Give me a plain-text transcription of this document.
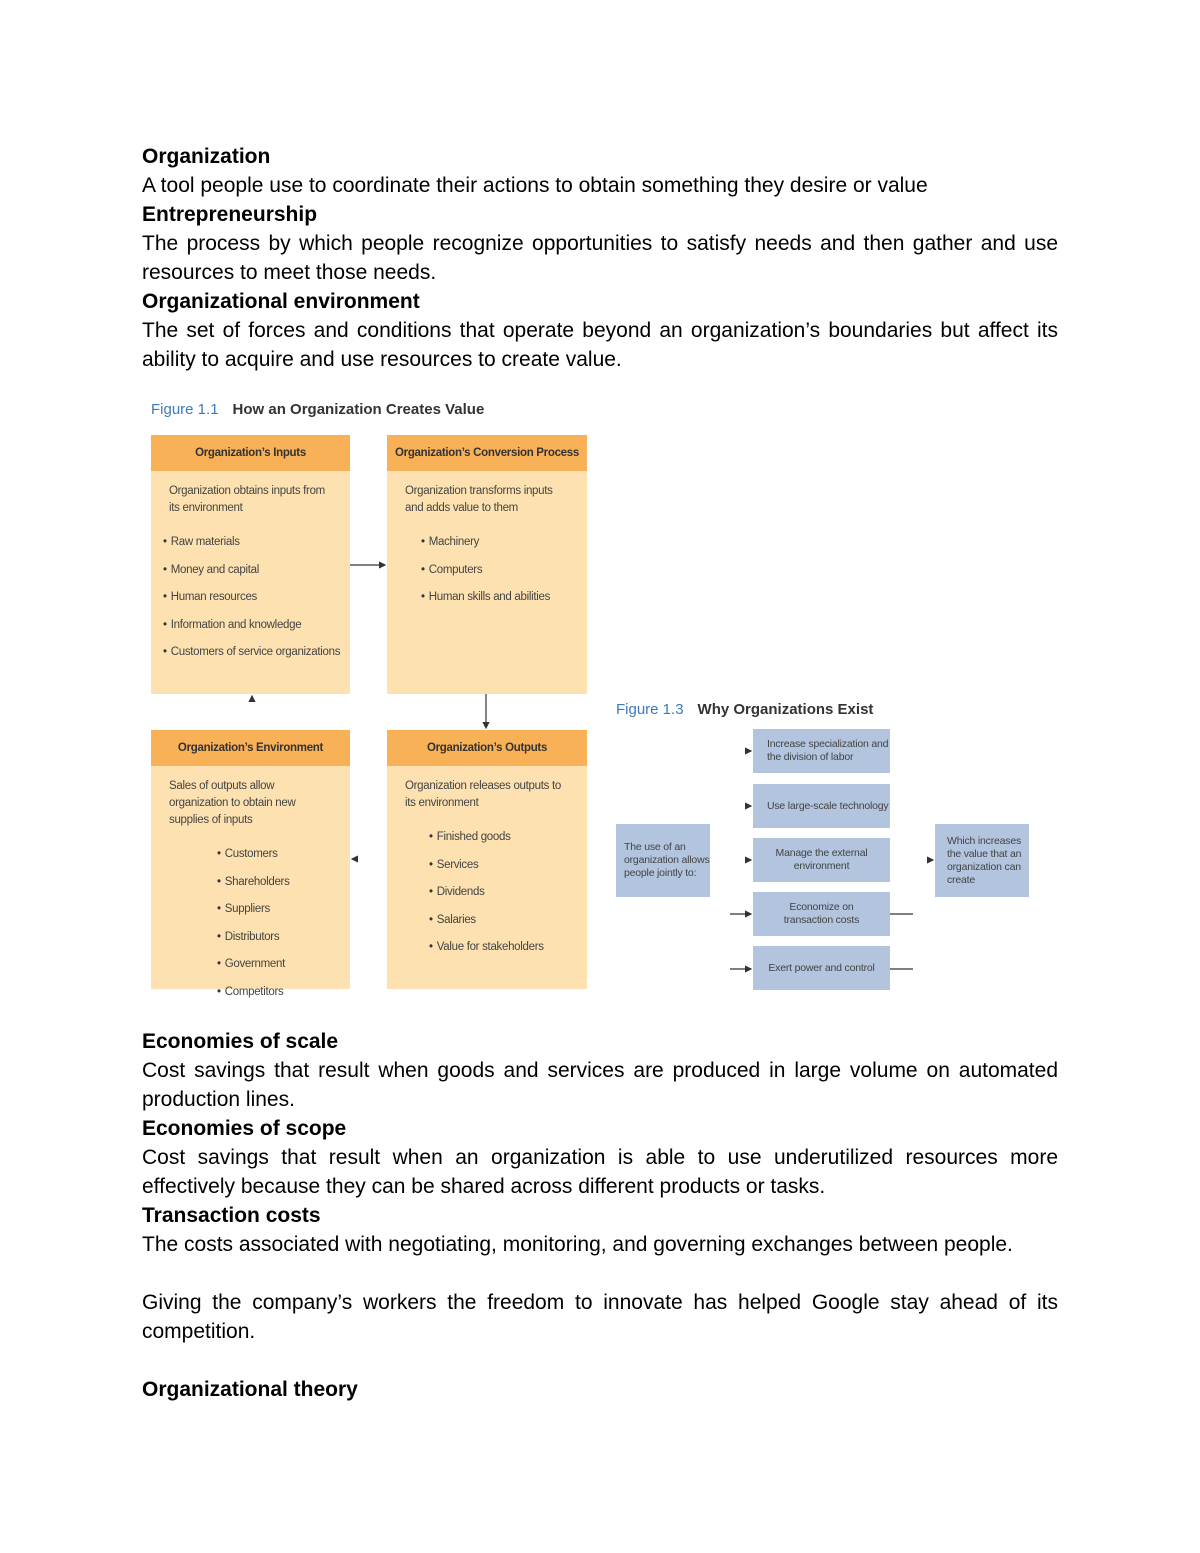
Organization
A tool people use to coordinate their actions to obtain something they desire or value
Entrepreneurship
The process by which people recognize opportunities to satisfy needs and then gather and use resources to meet those needs.
Organizational environment
The set of forces and conditions that operate beyond an organization’s boundaries but affect its ability to acquire and use resources to create value.
Figure 1.1 How an Organization Creates Value
Organization’s Inputs
Organization obtains inputs from its environment
• Raw materials
• Money and capital
• Human resources
• Information and knowledge
• Customers of service organizations
Organization’s Conversion Process
Organization transforms inputs and adds value to them
• Machinery
• Computers
• Human skills and abilities
Organization’s Environment
Sales of outputs allow organization to obtain new supplies of inputs
• Customers
• Shareholders
• Suppliers
• Distributors
• Government
• Competitors
Organization’s Outputs
Organization releases outputs to its environment
• Finished goods
• Services
• Dividends
• Salaries
• Value for stakeholders
Figure 1.3 Why Organizations Exist
The use of an organization allows people jointly to:
Increase specialization and the division of labor
Use large-scale technology
Manage the external environment
Economize on transaction costs
Exert power and control
Which increases the value that an organization can create
Economies of scale
Cost savings that result when goods and services are produced in large volume on automated production lines.
Economies of scope
Cost savings that result when an organization is able to use underutilized resources more effectively because they can be shared across different products or tasks.
Transaction costs
The costs associated with negotiating, monitoring, and governing exchanges between people.
Giving the company’s workers the freedom to innovate has helped Google stay ahead of its competition.
Organizational theory
